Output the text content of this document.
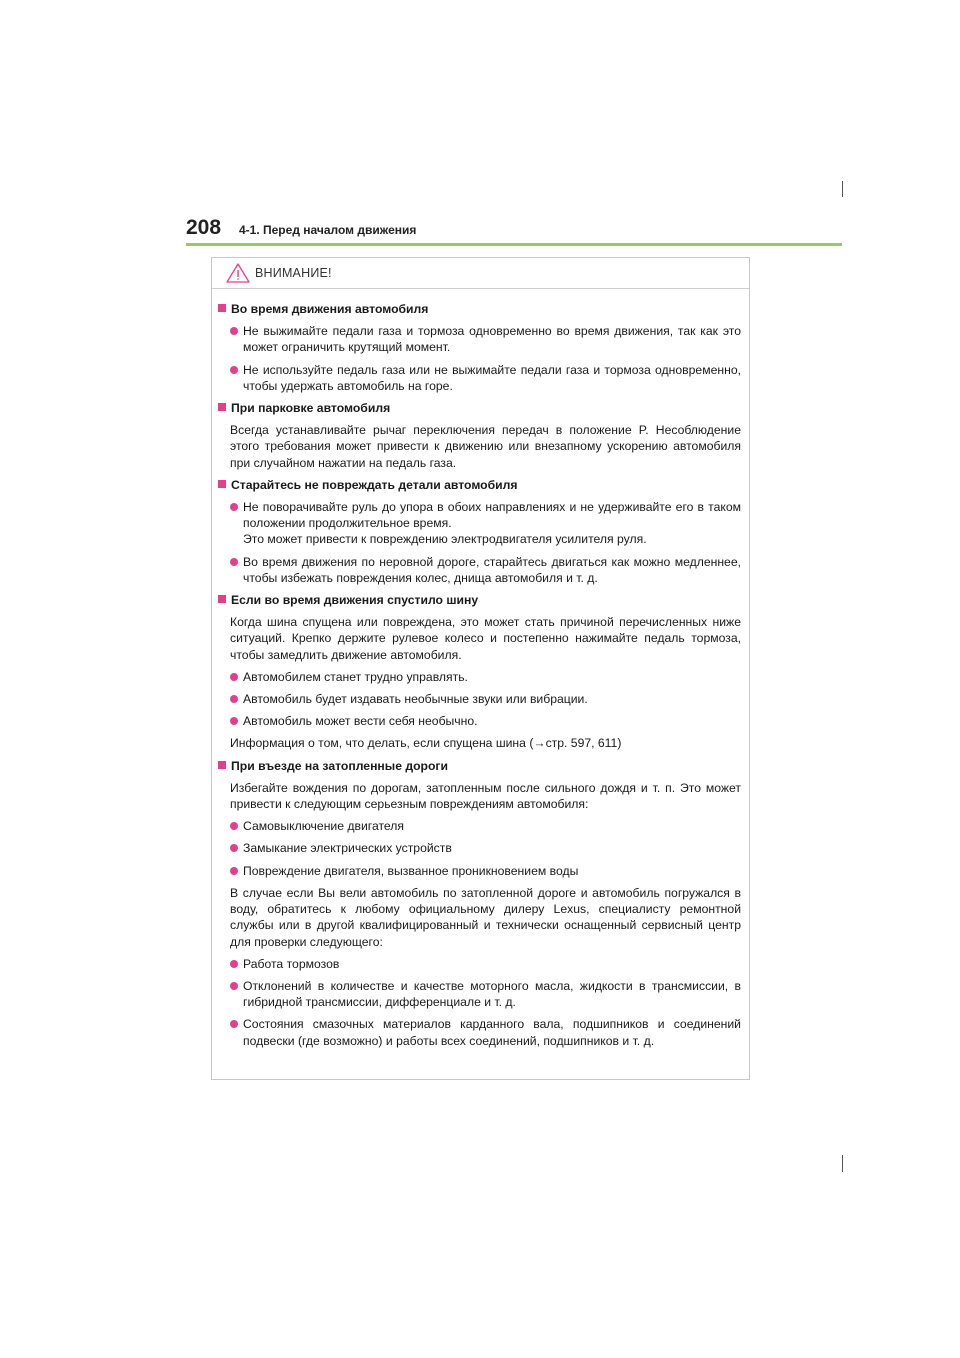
208 4-1. Перед началом движения
ВНИМАНИЕ!
Во время движения автомобиля
Не выжимайте педали газа и тормоза одновременно во время движения, так как это может ограничить крутящий момент.
Не используйте педаль газа или не выжимайте педали газа и тормоза одновременно, чтобы удержать автомобиль на горе.
При парковке автомобиля
Всегда устанавливайте рычаг переключения передач в положение P. Несоблюдение этого требования может привести к движению или внезапному ускорению автомобиля при случайном нажатии на педаль газа.
Старайтесь не повреждать детали автомобиля
Не поворачивайте руль до упора в обоих направлениях и не удерживайте его в таком положении продолжительное время.
Это может привести к повреждению электродвигателя усилителя руля.
Во время движения по неровной дороге, старайтесь двигаться как можно медленнее, чтобы избежать повреждения колес, днища автомобиля и т. д.
Если во время движения спустило шину
Когда шина спущена или повреждена, это может стать причиной перечисленных ниже ситуаций. Крепко держите рулевое колесо и постепенно нажимайте педаль тормоза, чтобы замедлить движение автомобиля.
Автомобилем станет трудно управлять.
Автомобиль будет издавать необычные звуки или вибрации.
Автомобиль может вести себя необычно.
Информация о том, что делать, если спущена шина (→стр. 597, 611)
При въезде на затопленные дороги
Избегайте вождения по дорогам, затопленным после сильного дождя и т. п. Это может привести к следующим серьезным повреждениям автомобиля:
Самовыключение двигателя
Замыкание электрических устройств
Повреждение двигателя, вызванное проникновением воды
В случае если Вы вели автомобиль по затопленной дороге и автомобиль погружался в воду, обратитесь к любому официальному дилеру Lexus, специалисту ремонтной службы или в другой квалифицированный и технически оснащенный сервисный центр для проверки следующего:
Работа тормозов
Отклонений в количестве и качестве моторного масла, жидкости в трансмиссии, в гибридной трансмиссии, дифференциале и т. д.
Состояния смазочных материалов карданного вала, подшипников и соединений подвески (где возможно) и работы всех соединений, подшипников и т. д.
